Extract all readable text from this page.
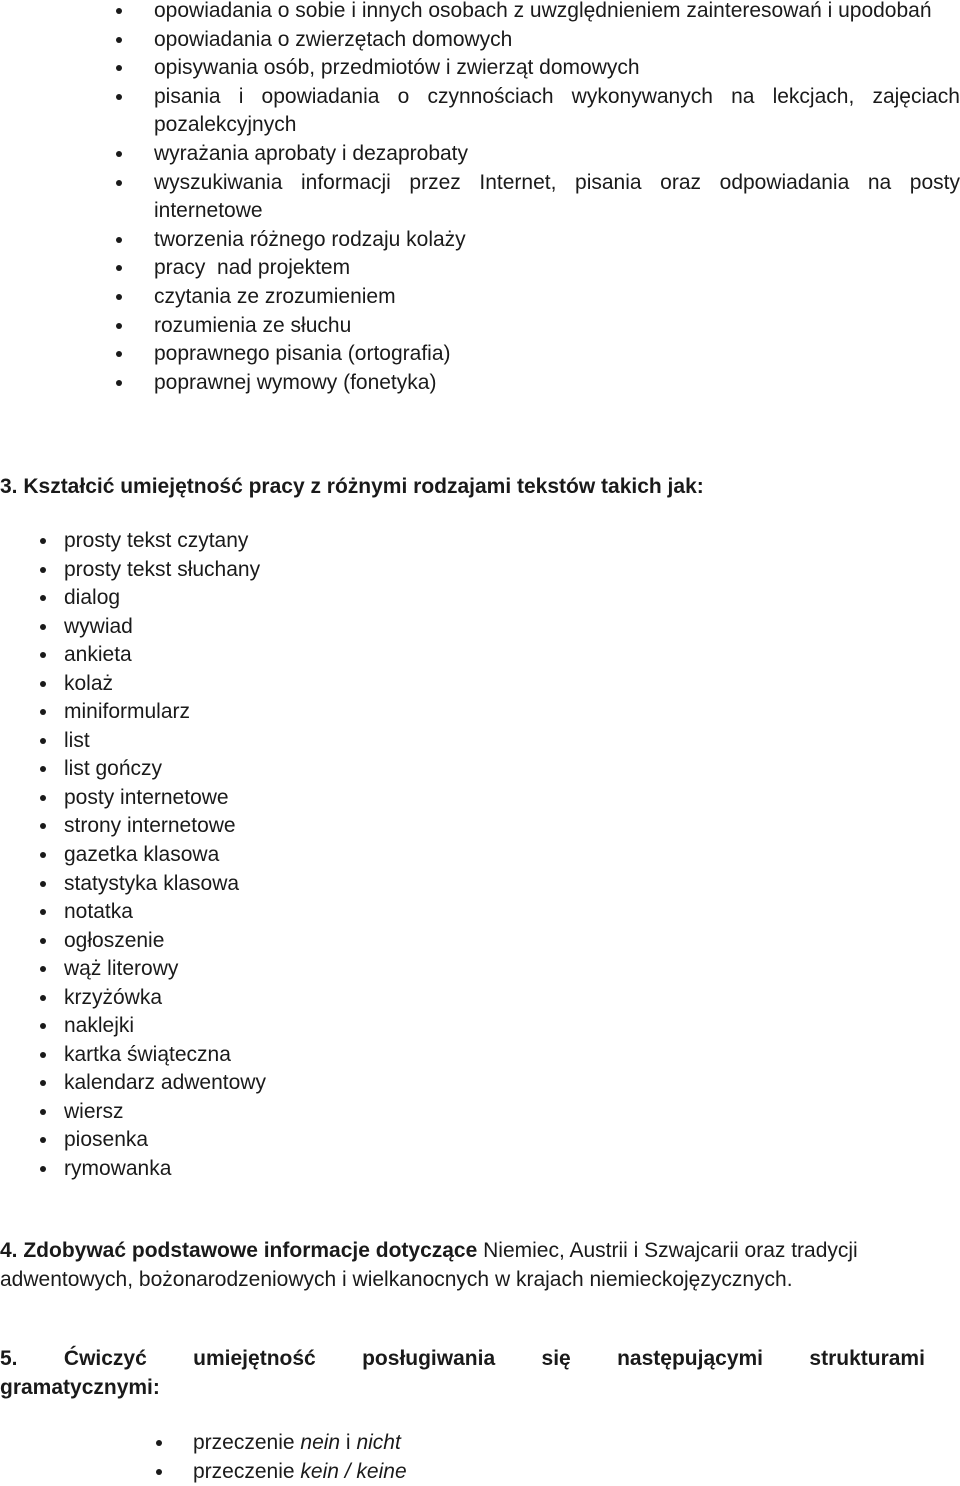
opowiadania o sobie i innych osobach z uwzględnieniem zainteresowań i upodobań
opowiadania o zwierzętach domowych
opisywania osób, przedmiotów i zwierząt domowych
pisania i opowiadania o czynnościach wykonywanych na lekcjach, zajęciach pozalekcyjnych
wyrażania aprobaty i dezaprobaty
wyszukiwania informacji przez Internet, pisania oraz odpowiadania na posty internetowe
tworzenia różnego rodzaju kolaży
pracy  nad projektem
czytania ze zrozumieniem
rozumienia ze słuchu
poprawnego pisania (ortografia)
poprawnej wymowy (fonetyka)
3. Kształcić umiejętność pracy z różnymi rodzajami tekstów takich jak:
prosty tekst czytany
prosty tekst słuchany
dialog
wywiad
ankieta
kolaż
miniformularz
list
list gończy
posty internetowe
strony internetowe
gazetka klasowa
statystyka klasowa
notatka
ogłoszenie
wąż literowy
krzyżówka
naklejki
kartka świąteczna
kalendarz adwentowy
wiersz
piosenka
rymowanka
4. Zdobywać podstawowe informacje dotyczące Niemiec, Austrii i Szwajcarii oraz tradycji
adwentowych, bożonarodzeniowych i wielkanocnych w krajach niemieckojęzycznych.
5. Ćwiczyć umiejętność posługiwania się następującymi strukturami
gramatycznymi:
przeczenie nein i nicht
przeczenie kein / keine
